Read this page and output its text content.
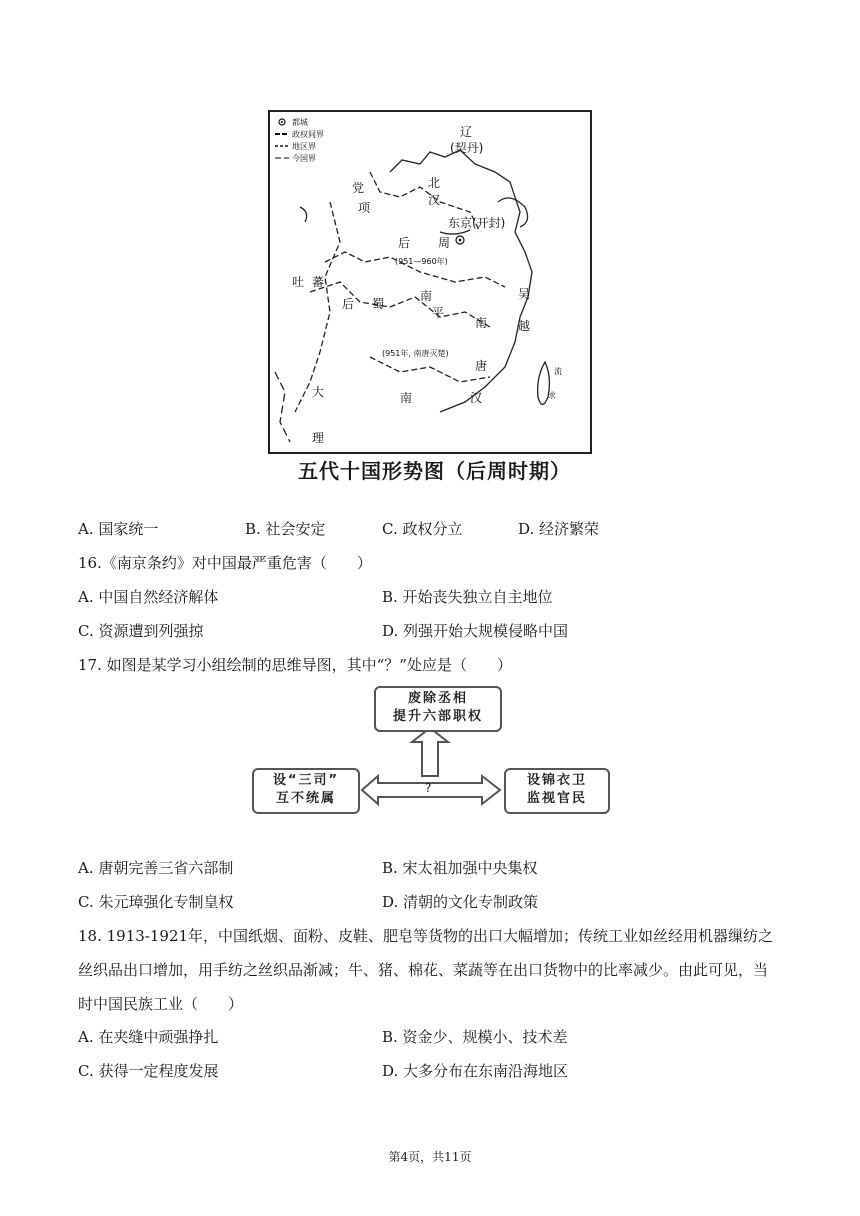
都城
政权间界
地区界
今国界
辽
(契丹)
北
汉
党
项
东京(开封)
后 周
(951—960年)
吐 蕃
后 蜀
南
平
吴
越
南
唐
(951年, 南唐灭楚)
大
理
南	汉
流
求
五代十国形势图（后周时期）
A. 国家统一	B. 社会安定	C. 政权分立	D. 经济繁荣
16.《南京条约》对中国最严重危害（　　）
A. 中国自然经济解体	B. 开始丧失独立自主地位
C. 资源遭到列强掠	D. 列强开始大规模侵略中国
17. 如图是某学习小组绘制的思维导图，其中“？”处应是（　　）
废除丞相
提升六部职权
设“三司”
互不统属
设锦衣卫
监视官民
?
A. 唐朝完善三省六部制	B. 宋太祖加强中央集权
C. 朱元璋强化专制皇权	D. 清朝的文化专制政策
18. 1913-1921年，中国纸烟、面粉、皮鞋、肥皂等货物的出口大幅增加；传统工业如丝经用机器缫纺之丝织品出口增加，用手纺之丝织品渐减；牛、猪、棉花、菜蔬等在出口货物中的比率减少。由此可见，当时中国民族工业（　　）
A. 在夹缝中顽强挣扎	B. 资金少、规模小、技术差
C. 获得一定程度发展	D. 大多分布在东南沿海地区
第4页，共11页
